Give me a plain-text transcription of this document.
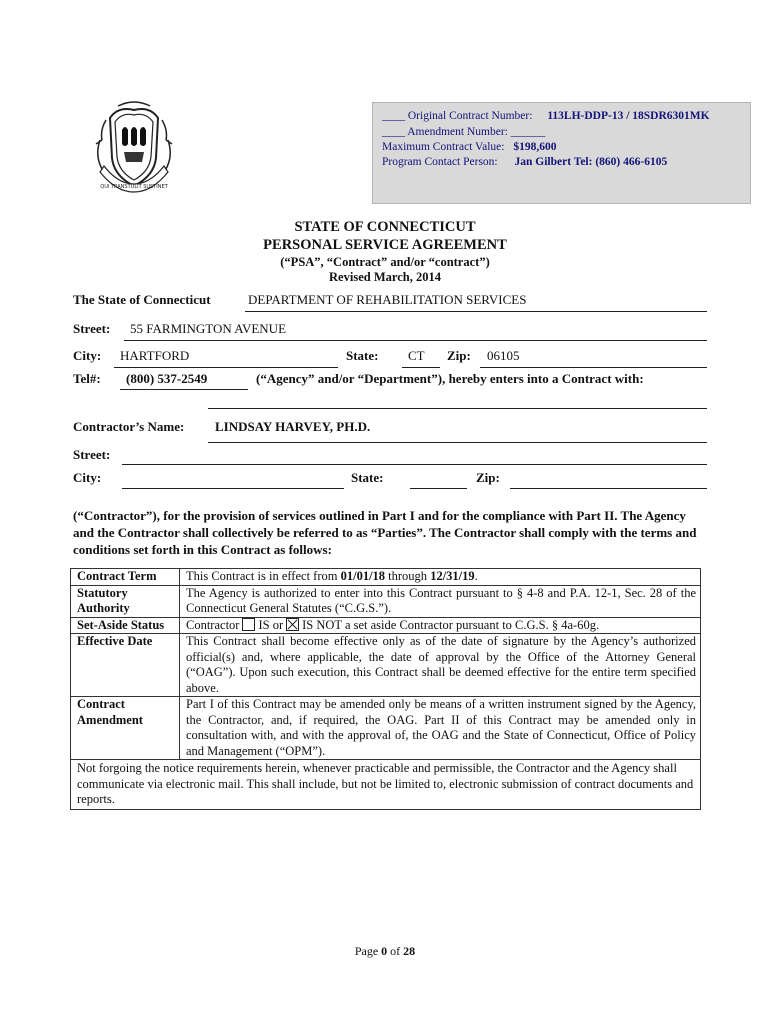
QUI TRANSTULIT SUSTINET
____ Original Contract Number: 113LH-DDP-13 / 18SDR6301MK
____ Amendment Number: ______
Maximum Contract Value: $198,600
Program Contact Person: Jan Gilbert Tel: (860) 466-6105
STATE OF CONNECTICUT
PERSONAL SERVICE AGREEMENT
(“PSA”, “Contract” and/or “contract”)
Revised March, 2014
The State of Connecticut	DEPARTMENT OF REHABILITATION SERVICES
Street: 55 FARMINGTON AVENUE
City: HARTFORD	State: CT Zip: 06105
Tel#: (800) 537-2549	(“Agency” and/or “Department”), hereby enters into a Contract with:
Contractor’s Name: LINDSAY HARVEY, PH.D.
Street:
City:	State:	Zip:
(“Contractor”), for the provision of services outlined in Part I and for the compliance with Part II. The Agency and the Contractor shall collectively be referred to as “Parties”. The Contractor shall comply with the terms and conditions set forth in this Contract as follows:
Contract Term	This Contract is in effect from 01/01/18 through 12/31/19.
Statutory Authority	The Agency is authorized to enter into this Contract pursuant to § 4-8 and P.A. 12-1, Sec. 28 of the Connecticut General Statutes (“C.G.S.”).
Set-Aside Status	Contractor IS or IS NOT a set aside Contractor pursuant to C.G.S. § 4a-60g.
Effective Date	This Contract shall become effective only as of the date of signature by the Agency’s authorized official(s) and, where applicable, the date of approval by the Office of the Attorney General (“OAG”). Upon such execution, this Contract shall be deemed effective for the entire term specified above.
Contract Amendment	Part I of this Contract may be amended only be means of a written instrument signed by the Agency, the Contractor, and, if required, the OAG. Part II of this Contract may be amended only in consultation with, and with the approval of, the OAG and the State of Connecticut, Office of Policy and Management (“OPM”).
Not forgoing the notice requirements herein, whenever practicable and permissible, the Contractor and the Agency shall communicate via electronic mail. This shall include, but not be limited to, electronic submission of contract documents and reports.	
Page 0 of 28
